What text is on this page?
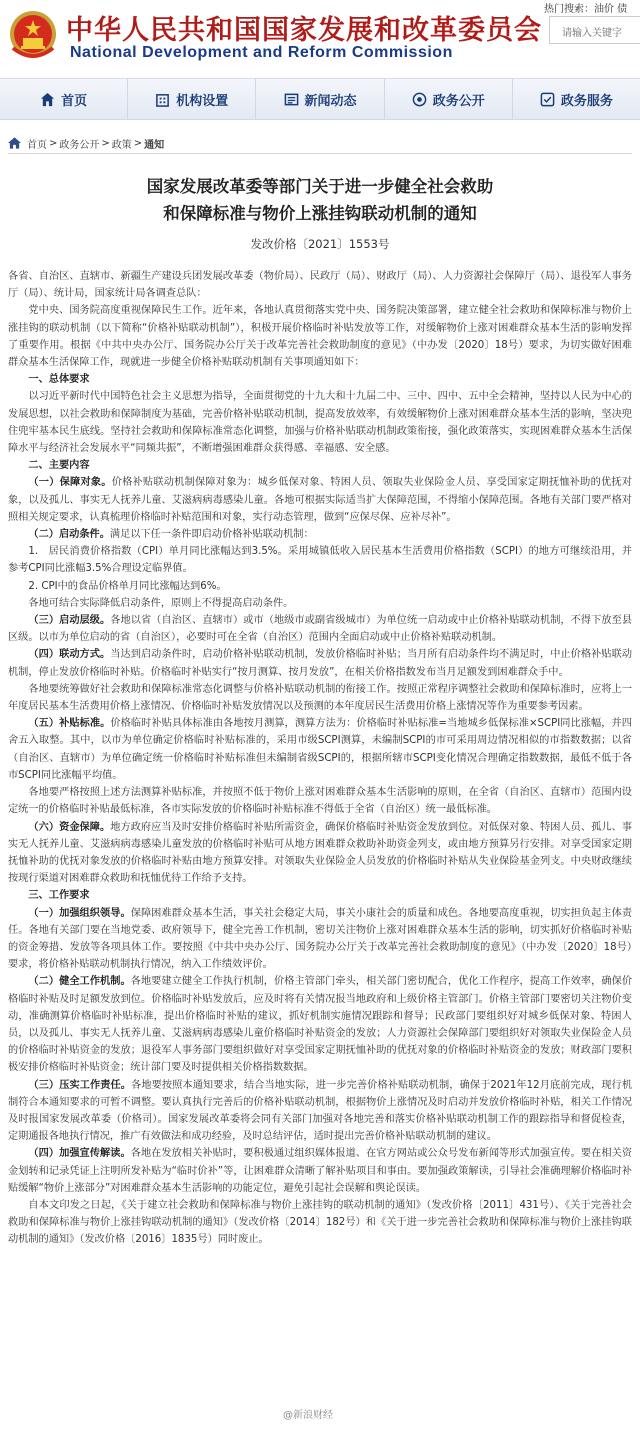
中华人民共和国国家发展和改革委员会
National Development and Reform Commission
热门搜索：油价 债
请输入关键字
首页	机构设置	新闻动态	政务公开	政务服务
首页 > 政务公开 > 政策 > 通知
国家发展改革委等部门关于进一步健全社会救助
和保障标准与物价上涨挂钩联动机制的通知
发改价格〔2021〕1553号

各省、自治区、直辖市、新疆生产建设兵团发展改革委（物价局）、民政厅（局）、财政厅（局）、人力资源社会保障厅（局）、退役军人事务厅（局）、统计局，国家统计局各调查总队：

党中央、国务院高度重视保障民生工作。近年来，各地认真贯彻落实党中央、国务院决策部署，建立健全社会救助和保障标准与物价上涨挂钩的联动机制（以下简称“价格补贴联动机制”），积极开展价格临时补贴发放等工作，对缓解物价上涨对困难群众基本生活的影响发挥了重要作用。根据《中共中央办公厅、国务院办公厅关于改革完善社会救助制度的意见》（中办发〔2020〕18号）要求，为切实做好困难群众基本生活保障工作，现就进一步健全价格补贴联动机制有关事项通知如下：

一、总体要求

以习近平新时代中国特色社会主义思想为指导，全面贯彻党的十九大和十九届二中、三中、四中、五中全会精神，坚持以人民为中心的发展思想，以社会救助和保障制度为基础，完善价格补贴联动机制，提高发放效率，有效缓解物价上涨对困难群众基本生活的影响，坚决兜住兜牢基本民生底线。坚持社会救助和保障标准常态化调整，加强与价格补贴联动机制政策衔接，强化政策落实，实现困难群众基本生活保障水平与经济社会发展水平“同频共振”，不断增强困难群众获得感、幸福感、安全感。

二、主要内容

（一）保障对象。价格补贴联动机制保障对象为：城乡低保对象、特困人员、领取失业保险金人员、享受国家定期抚恤补助的优抚对象，以及孤儿、事实无人抚养儿童、艾滋病病毒感染儿童。各地可根据实际适当扩大保障范围，不得缩小保障范围。各地有关部门要严格对照相关规定要求，认真梳理价格临时补贴范围和对象，实行动态管理，做到“应保尽保、应补尽补”。

（二）启动条件。满足以下任一条件即启动价格补贴联动机制：

1.　居民消费价格指数（CPI）单月同比涨幅达到3.5%。采用城镇低收入居民基本生活费用价格指数（SCPI）的地方可继续沿用，并参考CPI同比涨幅3.5%合理设定临界值。

2. CPI中的食品价格单月同比涨幅达到6%。

各地可结合实际降低启动条件，原则上不得提高启动条件。

（三）启动层级。各地以省（自治区、直辖市）或市（地级市或副省级城市）为单位统一启动或中止价格补贴联动机制，不得下放至县区级。以市为单位启动的省（自治区），必要时可在全省（自治区）范围内全面启动或中止价格补贴联动机制。

（四）联动方式。当达到启动条件时，启动价格补贴联动机制，发放价格临时补贴；当月所有启动条件均不满足时，中止价格补贴联动机制，停止发放价格临时补贴。价格临时补贴实行“按月测算、按月发放”，在相关价格指数发布当月足额发到困难群众手中。

各地要统筹做好社会救助和保障标准常态化调整与价格补贴联动机制的衔接工作。按照正常程序调整社会救助和保障标准时，应将上一年度居民基本生活费用价格上涨情况、价格临时补贴发放情况以及预测的本年度居民生活费用价格上涨情况等作为重要参考因素。

（五）补贴标准。价格临时补贴具体标准由各地按月测算，测算方法为：价格临时补贴标准=当地城乡低保标准×SCPI同比涨幅，并四舍五入取整。其中，以市为单位确定价格临时补贴标准的，采用市级SCPI测算，未编制SCPI的市可采用周边情况相似的市指数数据；以省（自治区、直辖市）为单位确定统一价格临时补贴标准但未编制省级SCPI的，根据所辖市SCPI变化情况合理确定指数数据，最低不低于各市SCPI同比涨幅平均值。

各地要严格按照上述方法测算补贴标准，并按照不低于物价上涨对困难群众基本生活影响的原则，在全省（自治区、直辖市）范围内设定统一的价格临时补贴最低标准，各市实际发放的价格临时补贴标准不得低于全省（自治区）统一最低标准。

（六）资金保障。地方政府应当及时安排价格临时补贴所需资金，确保价格临时补贴资金发放到位。对低保对象、特困人员、孤儿、事实无人抚养儿童、艾滋病病毒感染儿童发放的价格临时补贴可从地方困难群众救助补助资金列支，或由地方预算另行安排。对享受国家定期抚恤补助的优抚对象发放的价格临时补贴由地方预算安排。对领取失业保险金人员发放的价格临时补贴从失业保险基金列支。中央财政继续按现行渠道对困难群众救助和抚恤优待工作给予支持。

三、工作要求

（一）加强组织领导。保障困难群众基本生活，事关社会稳定大局，事关小康社会的质量和成色。各地要高度重视，切实担负起主体责任。各地有关部门要在当地党委、政府领导下，健全完善工作机制，密切关注物价上涨对困难群众基本生活的影响，切实抓好价格临时补贴的资金筹措、发放等各项具体工作。要按照《中共中央办公厅、国务院办公厅关于改革完善社会救助制度的意见》（中办发〔2020〕18号）要求，将价格补贴联动机制执行情况，纳入工作绩效评价。

（二）健全工作机制。各地要建立健全工作执行机制，价格主管部门牵头，相关部门密切配合，优化工作程序，提高工作效率，确保价格临时补贴及时足额发放到位。价格临时补贴发放后，应及时将有关情况报当地政府和上级价格主管部门。价格主管部门要密切关注物价变动，准确测算价格临时补贴标准，提出价格临时补贴的建议，抓好机制实施情况跟踪和督导；民政部门要组织好对城乡低保对象、特困人员，以及孤儿、事实无人抚养儿童、艾滋病病毒感染儿童价格临时补贴资金的发放；人力资源社会保障部门要组织好对领取失业保险金人员的价格临时补贴资金的发放；退役军人事务部门要组织做好对享受国家定期抚恤补助的优抚对象的价格临时补贴资金的发放；财政部门要积极安排价格临时补贴资金；统计部门要及时提供相关价格指数数据。

（三）压实工作责任。各地要按照本通知要求，结合当地实际，进一步完善价格补贴联动机制，确保于2021年12月底前完成，现行机制符合本通知要求的可暂不调整。要认真执行完善后的价格补贴联动机制，根据物价上涨情况及时启动并发放价格临时补贴，相关工作情况及时报国家发展改革委（价格司）。国家发展改革委将会同有关部门加强对各地完善和落实价格补贴联动机制工作的跟踪指导和督促检查，定期通报各地执行情况，推广有效做法和成功经验，及时总结评估，适时提出完善价格补贴联动机制的建议。

（四）加强宣传解读。各地在发放相关补贴时，要积极通过组织媒体报道、在官方网站或公众号发布新闻等形式加强宣传。要在相关资金划转和记录凭证上注明所发补贴为“临时价补”等，让困难群众清晰了解补贴项目和事由。要加强政策解读，引导社会准确理解价格临时补贴缓解“物价上涨部分”对困难群众基本生活影响的功能定位，避免引起社会误解和舆论误读。

自本文印发之日起，《关于建立社会救助和保障标准与物价上涨挂钩的联动机制的通知》（发改价格〔2011〕431号）、《关于完善社会救助和保障标准与物价上涨挂钩联动机制的通知》（发改价格〔2014〕182号）和《关于进一步完善社会救助和保障标准与物价上涨挂钩联动机制的通知》（发改价格〔2016〕1835号）同时废止。

@新浪财经
